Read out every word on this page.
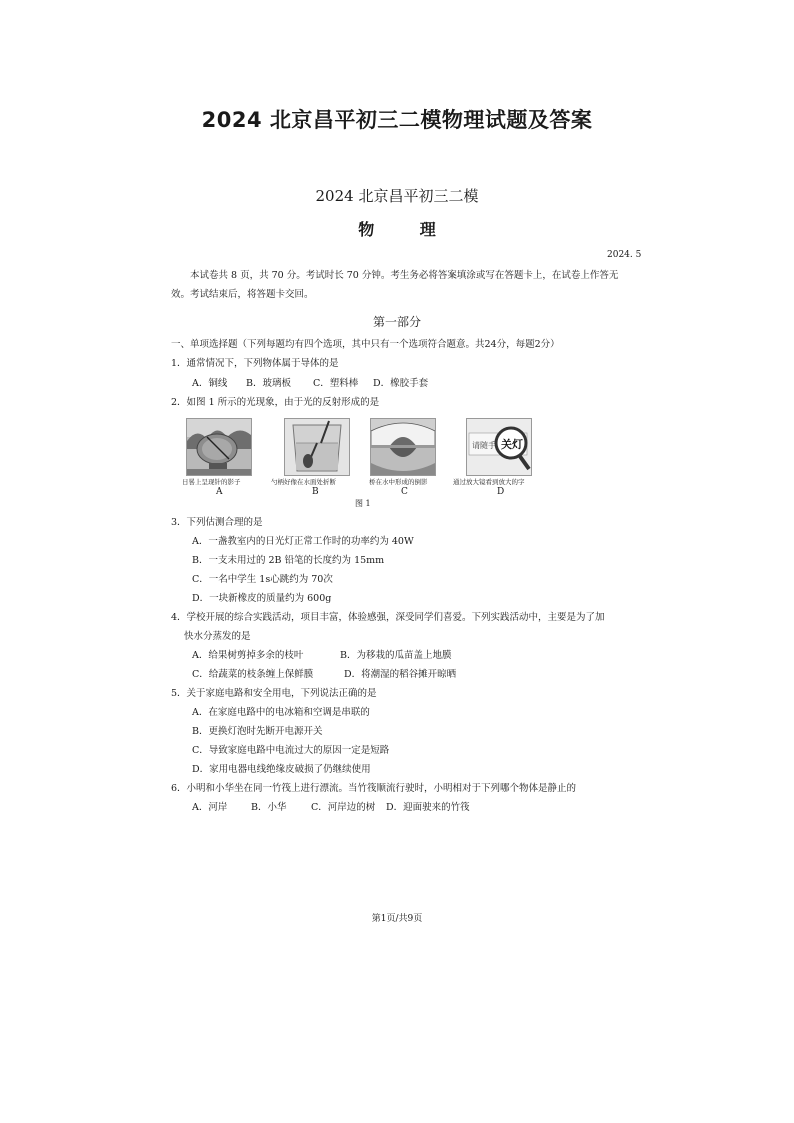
2024 北京昌平初三二模物理试题及答案
2024 北京昌平初三二模
物 理
2024. 5
本试卷共 8 页，共 70 分。考试时长 70 分钟。考生务必将答案填涂或写在答题卡上，在试卷上作答无效。考试结束后，将答题卡交回。
第一部分
一、单项选择题（下列每题均有四个选项，其中只有一个选项符合题意。共24分，每题2分）
1．通常情况下，下列物体属于导体的是
A．铜线 B．玻璃板 C．塑料棒 D．橡胶手套
2．如图 1 所示的光现象，由于光的反射形成的是
请随手 关灯
日晷上呈现针的影子	勺柄好像在水面处折断	桥在水中形成的倒影	通过放大镜看到放大的字
A	B	C	D
图 1
3．下列估测合理的是
A．一盏教室内的日光灯正常工作时的功率约为 40W
B．一支未用过的 2B 铅笔的长度约为 15mm
C．一名中学生 1s心跳约为 70次
D．一块新橡皮的质量约为 600g
4．学校开展的综合实践活动，项目丰富，体验感强，深受同学们喜爱。下列实践活动中，主要是为了加
快水分蒸发的是
A．给果树剪掉多余的枝叶	B．为移栽的瓜苗盖上地膜
C．给蔬菜的枝条缠上保鲜膜	D．将潮湿的稻谷摊开晾晒
5．关于家庭电路和安全用电，下列说法正确的是
A．在家庭电路中的电冰箱和空调是串联的
B．更换灯泡时先断开电源开关
C．导致家庭电路中电流过大的原因一定是短路
D．家用电器电线绝缘皮破损了仍继续使用
6．小明和小华坐在同一竹筏上进行漂流。当竹筏顺流行驶时，小明相对于下列哪个物体是静止的
A．河岸 B．小华	C．河岸边的树 D．迎面驶来的竹筏
第1页/共9页
